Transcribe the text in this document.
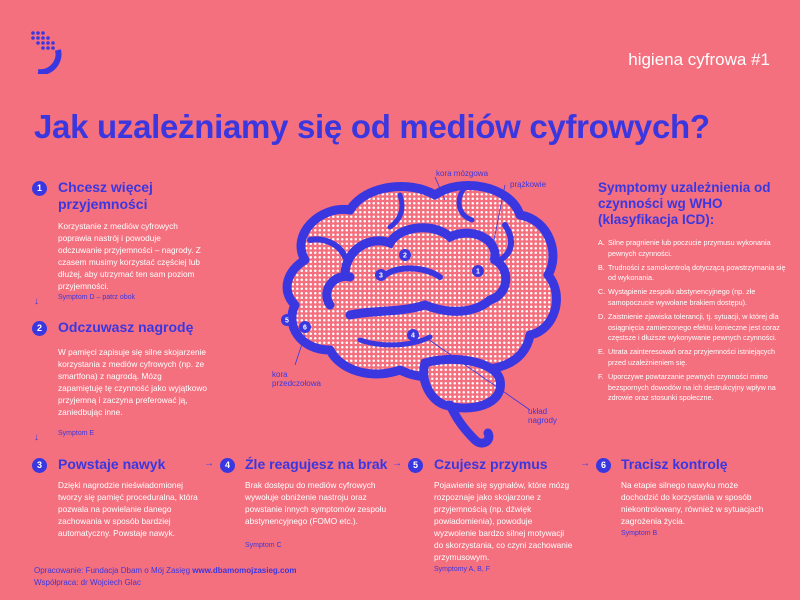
higiena cyfrowa #1
Jak uzależniamy się od mediów cyfrowych?
1	Chcesz więcej przyjemności
Korzystanie z mediów cyfrowych poprawia nastrój i powoduje odczuwanie przyjemności – nagrody. Z czasem musimy korzystać częściej lub dłużej, aby utrzymać ten sam poziom przyjemności.
Symptom D – patrz obok
↓
2	Odczuwasz nagrodę
W pamięci zapisuje się silne skojarzenie korzystania z mediów cyfrowych (np. ze smartfona) z nagrodą. Mózg zapamiętuję tę czynność jako wyjątkowo przyjemną i zaczyna preferować ją, zaniedbując inne.
Symptom E
↓
3	Powstaje nawyk
Dzięki nagrodzie nieświadomionej tworzy się pamięć proceduralna, która pozwala na powielanie danego zachowania w sposób bardziej automatyczny. Powstaje nawyk.
→	4	Źle reagujesz na brak
Brak dostępu do mediów cyfrowych wywołuje obniżenie nastroju oraz powstanie innych symptomów zespołu abstynencyjnego (FOMO etc.).
Symptom C
→	5	Czujesz przymus
Pojawienie się sygnałów, które mózg rozpoznaje jako skojarzone z przyjemnością (np. dźwięk powiadomienia), powoduje wyzwolenie bardzo silnej motywacji do skorzystania, co czyni zachowanie przymusowym.
Symptomy A, B, F
→	6	Tracisz kontrolę
Na etapie silnego nawyku może dochodzić do korzystania w sposób niekontrolowany, również w sytuacjach zagrożenia życia.
Symptom B
Symptomy uzależnienia od czynności wg WHO (klasyfikacja ICD):
A. Silne pragnienie lub poczucie przymusu wykonania pewnych czynności.
B. Trudności z samokontrolą dotyczącą powstrzymania się od wykonania.
C. Wystąpienie zespołu abstynencyjnego (np. złe samopoczucie wywołane brakiem dostępu).
D. Zaistnienie zjawiska tolerancji, tj. sytuacji, w której dla osiągnięcia zamierzonego efektu konieczne jest coraz częstsze i dłuższe wykonywanie pewnych czynności.
E. Utrata zainteresowań oraz przyjemności istniejących przed uzależnieniem się.
F. Uporczywe powtarzanie pewnych czynności mimo bezspornych dowodów na ich destrukcyjny wpływ na zdrowie oraz stosunki społeczne.
3
2
1
5
6
4
kora mózgowa
prążkowie
kora przedczołowa
układ nagrody
Opracowanie: Fundacja Dbam o Mój Zasięg www.dbamomojzasieg.com
Współpraca: dr Wojciech Glac
